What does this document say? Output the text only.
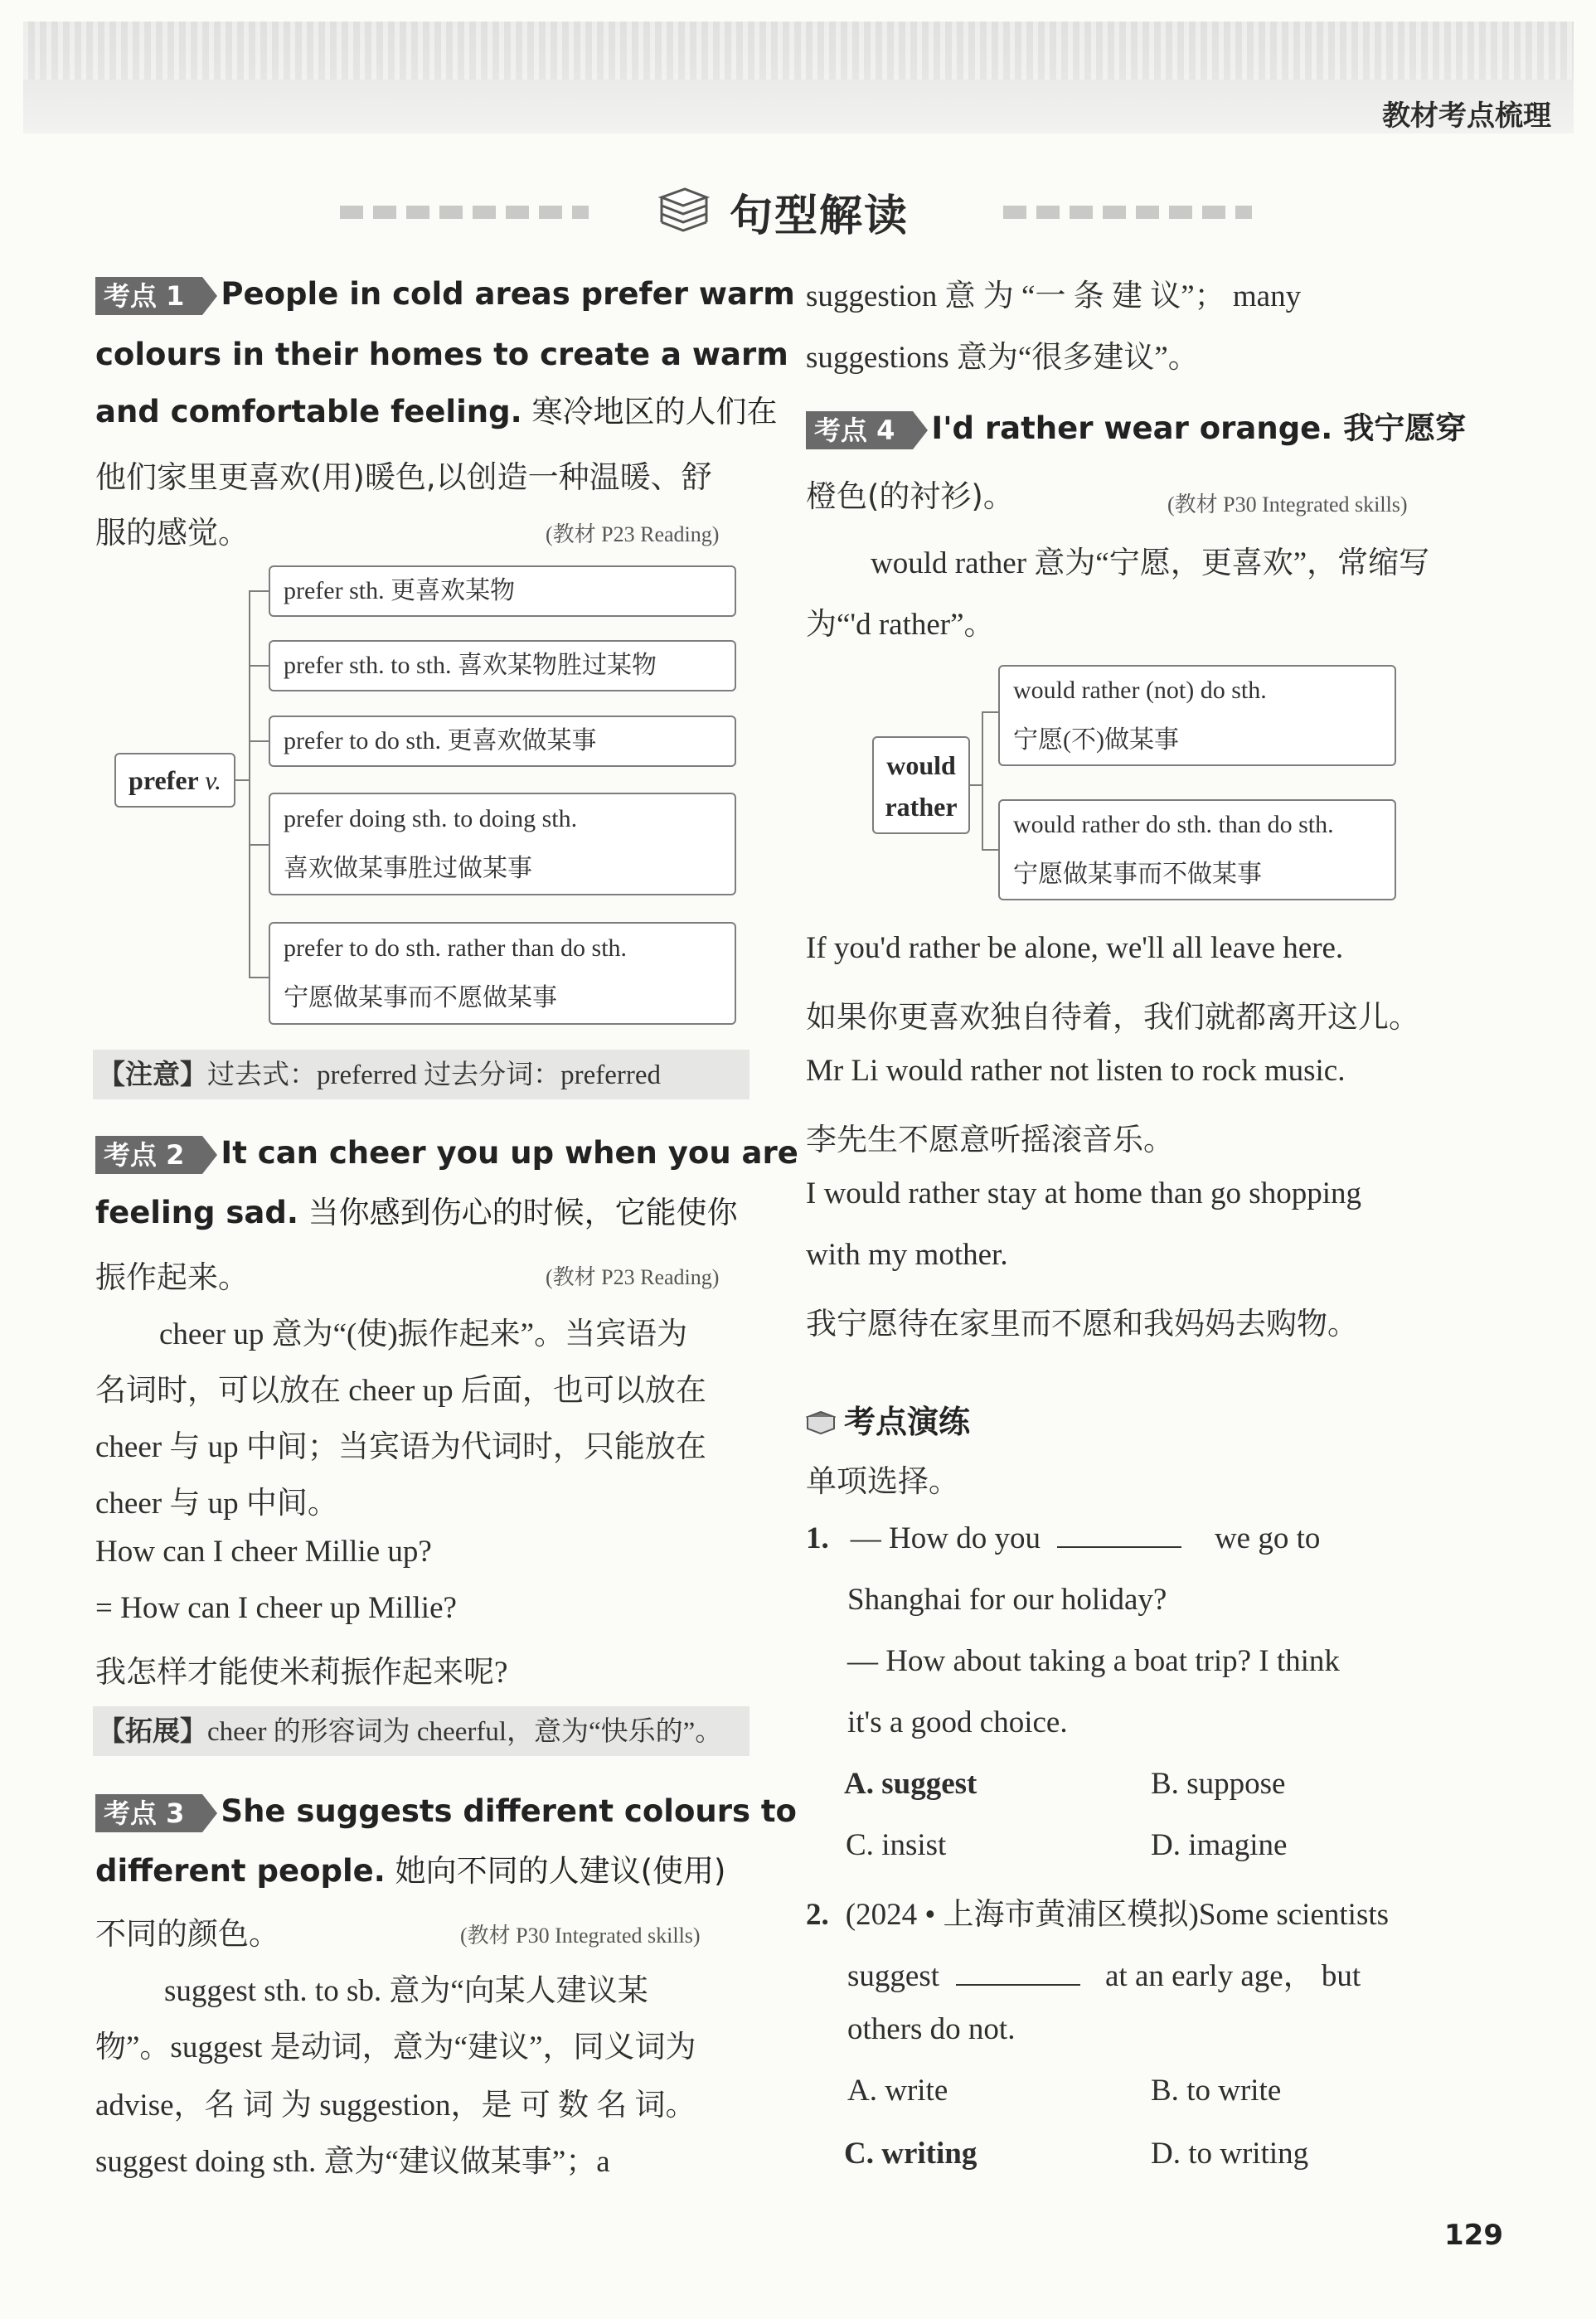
教材考点梳理
句型解读
考点 1 People in cold areas prefer warm
colours in their homes to create a warm
and comfortable feeling. 寒冷地区的人们在
他们家里更喜欢(用)暖色,以创造一种温暖、舒
服的感觉。	(教材 P23 Reading)
prefer v.
prefer sth. 更喜欢某物
prefer sth. to sth. 喜欢某物胜过某物
prefer to do sth. 更喜欢做某事
prefer doing sth. to doing sth.
喜欢做某事胜过做某事
prefer to do sth. rather than do sth.
宁愿做某事而不愿做某事
【注意】过去式：preferred 过去分词：preferred
考点 2 It can cheer you up when you are
feeling sad. 当你感到伤心的时候，它能使你
振作起来。	(教材 P23 Reading)
cheer up 意为“(使)振作起来”。当宾语为
名词时，可以放在 cheer up 后面，也可以放在
cheer 与 up 中间；当宾语为代词时，只能放在
cheer 与 up 中间。
How can I cheer Millie up?
= How can I cheer up Millie?
我怎样才能使米莉振作起来呢?
【拓展】cheer 的形容词为 cheerful，意为“快乐的”。
考点 3 She suggests different colours to
different people. 她向不同的人建议(使用)
不同的颜色。	(教材 P30 Integrated skills)
suggest sth. to sb. 意为“向某人建议某
物”。suggest 是动词，意为“建议”，同义词为
advise，名 词 为 suggestion，是 可 数 名 词。
suggest doing sth. 意为“建议做某事”；a
suggestion 意 为 “一 条 建 议”； many
suggestions 意为“很多建议”。
考点 4 I'd rather wear orange. 我宁愿穿
橙色(的衬衫)。	(教材 P30 Integrated skills)
would rather 意为“宁愿，更喜欢”，常缩写
为“'d rather”。
would
rather
would rather (not) do sth.
宁愿(不)做某事
would rather do sth. than do sth.
宁愿做某事而不做某事
If you'd rather be alone, we'll all leave here.
如果你更喜欢独自待着，我们就都离开这儿。
Mr Li would rather not listen to rock music.
李先生不愿意听摇滚音乐。
I would rather stay at home than go shopping
with my mother.
我宁愿待在家里而不愿和我妈妈去购物。
考点演练
单项选择。
1. — How do you	we go to
Shanghai for our holiday?
— How about taking a boat trip? I think
it's a good choice.
A. suggest	B. suppose
C. insist	D. imagine
2. (2024 • 上海市黄浦区模拟)Some scientists
suggest	at an early age， but
others do not.
A. write	B. to write
C. writing	D. to writing
129
